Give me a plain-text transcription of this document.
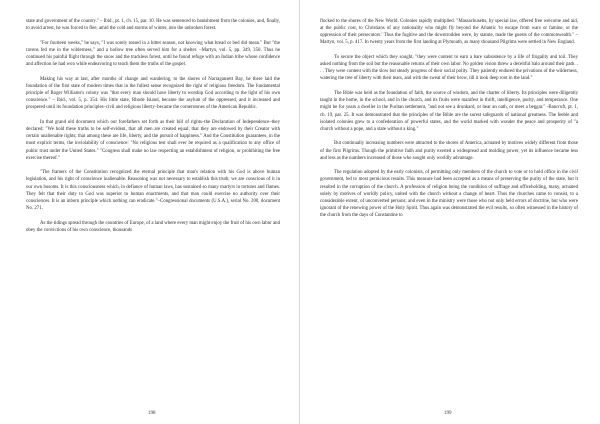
state and government of the country." – Ibid., pt. 1, ch. 15, par. 10. He was sentenced to banishment from the colonies, and, finally, to avoid arrest, he was forced to flee, amid the cold and storms of winter, into the unbroken forest.

"For fourteen weeks," he says, "I was sorely tossed in a bitter season, not knowing what bread or bed did mean." But "the ravens fed me in the wilderness," and a hollow tree often served him for a shelter. –Martyn, vol. 5, pp. 349, 350. Thus he continued his painful flight through the snow and the trackless forest, until he found refuge with an Indian tribe whose confidence and affection he had won while endeavoring to teach them the truths of the gospel.

Making his way at last, after months of change and wandering, to the shores of Narragansett Bay, he there laid the foundation of the first state of modern times that in the fullest sense recognized the right of religious freedom. The fundamental principle of Roger Williams's colony was "that every man should have liberty to worship God according to the light of his own conscience." – Ibid., vol. 5, p. 354. His little state, Rhode Island, became the asylum of the oppressed, and it increased and prospered until its foundation principles–civil and religious liberty–became the cornerstones of the American Republic.

In that grand old document which our forefathers set forth as their bill of rights–the Declaration of Independence–they declared: "We hold these truths to be self-evident, that all men are created equal; that they are endowed by their Creator with certain unalienable rights; that among these are life, liberty, and the pursuit of happiness." And the Constitution guarantees, in the most explicit terms, the inviolability of conscience: "No religious test shall ever be required as a qualification to any office of public trust under the United States." "Congress shall make no law respecting an establishment of religion, or prohibiting the free exercise thereof."

"The framers of the Constitution recognized the eternal principle that man's relation with his God is above human legislation, and his right of conscience inalienable. Reasoning was not necessary to establish this truth; we are conscious of it in our own bosoms. It is this consciousness which, in defiance of human laws, has sustained so many martyrs in tortures and flames. They felt that their duty to God was superior to human enactments, and that man could exercise no authority over their consciences. It is an inborn principle which nothing can eradicate."–Congressional documents (U.S.A.), serial No. 200, document No. 271.

As the tidings spread through the countries of Europe, of a land where every man might enjoy the fruit of his own labor and obey the convictions of his own conscience, thousands

198

flocked to the shores of the New World. Colonies rapidly multiplied. "Massachusetts, by special law, offered free welcome and aid, at the public cost, to Christians of any nationality who might fly beyond the Atlantic 'to escape from wars or famine, or the oppression of their persecutors.' Thus the fugitive and the downtrodden were, by statute, made the guests of the commonwealth." –Martyn, vol. 5, p. 417. In twenty years from the first landing at Plymouth, as many thousand Pilgrims were settled in New England.

To secure the object which they sought, "they were content to earn a bare subsistence by a life of frugality and toil. They asked nothing from the soil but the reasonable returns of their own labor. No golden vision threw a deceitful halo around their path. . . . They were content with the slow but steady progress of their social polity. They patiently endured the privations of the wilderness, watering the tree of liberty with their tears, and with the sweat of their brow, till it took deep root in the land."

The Bible was held as the foundation of faith, the source of wisdom, and the charter of liberty. Its principles were diligently taught in the home, in the school, and in the church, and its fruits were manifest in thrift, intelligence, purity, and temperance. One might be for years a dweller in the Puritan settlement, "and not see a drunkard, or hear an oath, or meet a beggar." -Bancroft, pt. 1, ch. 19, par. 25. It was demonstrated that the principles of the Bible are the surest safeguards of national greatness. The feeble and isolated colonies grew to a confederation of powerful states, and the world marked with wonder the peace and prosperity of "a church without a pope, and a state without a king."

But continually increasing numbers were attracted to the shores of America, actuated by motives widely different from those of the first Pilgrims. Though the primitive faith and purity exerted a widespread and molding power, yet its influence became less and less as the numbers increased of those who sought only worldly advantage.

The regulation adopted by the early colonists, of permitting only members of the church to vote or to hold office in the civil government, led to most pernicious results. This measure had been accepted as a means of preserving the purity of the state, but it resulted in the corruption of the church. A profession of religion being the condition of suffrage and officeholding, many, actuated solely by motives of worldly policy, united with the church without a change of heart. Thus the churches came to consist, to a considerable extent, of unconverted persons; and even in the ministry were those who not only held errors of doctrine, but who were ignorant of the renewing power of the Holy Spirit. Thus again was demonstrated the evil results, so often witnessed in the history of the church from the days of Constantine to

199
